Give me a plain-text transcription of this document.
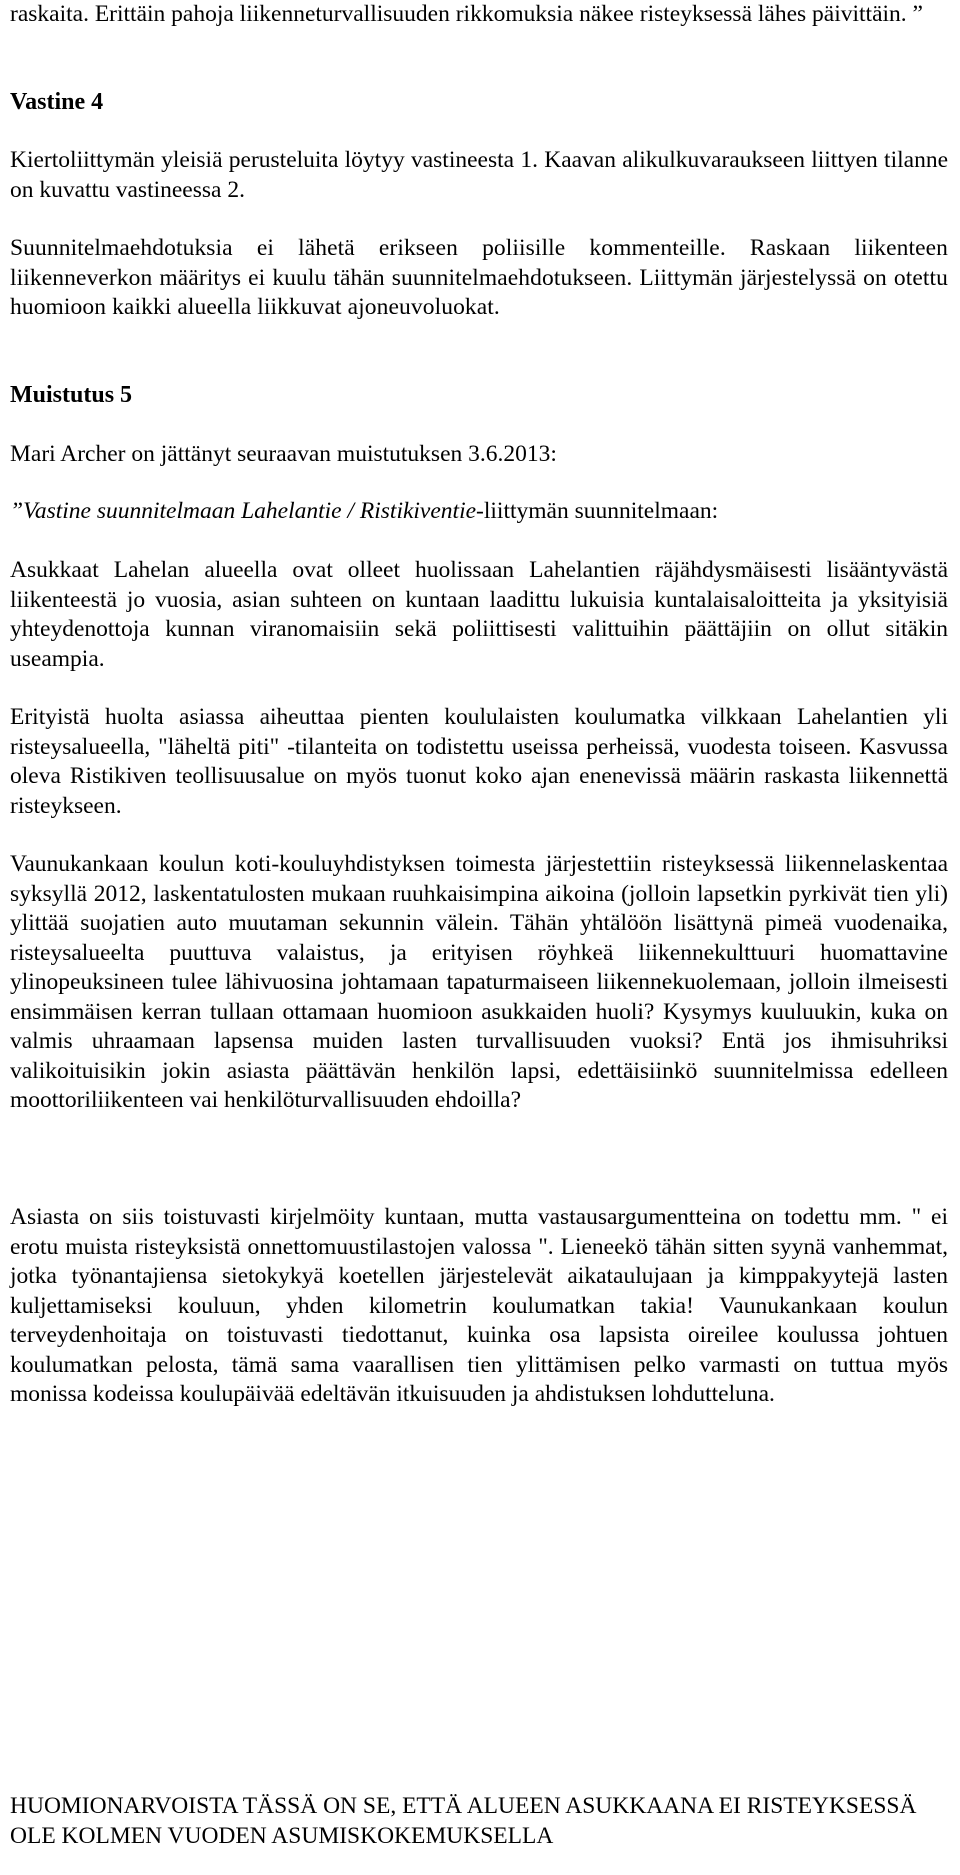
raskaita. Erittäin pahoja liikenneturvallisuuden rikkomuksia näkee risteyksessä lähes päivittäin. ”

Vastine 4

Kiertoliittymän yleisiä perusteluita löytyy vastineesta 1. Kaavan alikulkuvaraukseen liittyen tilanne on kuvattu vastineessa 2.

Suunnitelmaehdotuksia ei lähetä erikseen poliisille kommenteille. Raskaan liikenteen liikenneverkon määritys ei kuulu tähän suunnitelmaehdotukseen. Liittymän järjestelyssä on otettu huomioon kaikki alueella liikkuvat ajoneuvoluokat.

Muistutus 5

Mari Archer on jättänyt seuraavan muistutuksen 3.6.2013:

”Vastine suunnitelmaan Lahelantie / Ristikiventie-liittymän suunnitelmaan:

Asukkaat Lahelan alueella ovat olleet huolissaan Lahelantien räjähdysmäisesti lisääntyvästä liikenteestä jo vuosia, asian suhteen on kuntaan laadittu lukuisia kuntalaisaloitteita ja yksityisiä yhteydenottoja kunnan viranomaisiin sekä poliittisesti valittuihin päättäjiin on ollut sitäkin useampia.

Erityistä huolta asiassa aiheuttaa pienten koululaisten koulumatka vilkkaan Lahelantien yli risteysalueella, "läheltä piti" -tilanteita on todistettu useissa perheissä, vuodesta toiseen. Kasvussa oleva Ristikiven teollisuusalue on myös tuonut koko ajan enenevissä määrin raskasta liikennettä risteykseen.

Vaunukankaan koulun koti-kouluyhdistyksen toimesta järjestettiin risteyksessä liikennelaskentaa syksyllä 2012, laskentatulosten mukaan ruuhkaisimpina aikoina (jolloin lapsetkin pyrkivät tien yli) ylittää suojatien auto muutaman sekunnin välein. Tähän yhtälöön lisättynä pimeä vuodenaika, risteysalueelta puuttuva valaistus, ja erityisen röyhkeä liikennekulttuuri huomattavine ylinopeuksineen tulee lähivuosina johtamaan tapaturmaiseen liikennekuolemaan, jolloin ilmeisesti ensimmäisen kerran tullaan ottamaan huomioon asukkaiden huoli? Kysymys kuuluukin, kuka on valmis uhraamaan lapsensa muiden lasten turvallisuuden vuoksi? Entä jos ihmisuhriksi valikoituisikin jokin asiasta päättävän henkilön lapsi, edettäisiinkö suunnitelmissa edelleen moottoriliikenteen vai henkilöturvallisuuden ehdoilla?

Asiasta on siis toistuvasti kirjelmöity kuntaan, mutta vastausargumentteina on todettu mm. " ei erotu muista risteyksistä onnettomuustilastojen valossa ". Lieneekö tähän sitten syynä vanhemmat, jotka työnantajiensa sietokykyä koetellen järjestelevät aikataulujaan ja kimppakyytejä lasten kuljettamiseksi kouluun, yhden kilometrin koulumatkan takia! Vaunukankaan koulun terveydenhoitaja on toistuvasti tiedottanut, kuinka osa lapsista oireilee koulussa johtuen koulumatkan pelosta, tämä sama vaarallisen tien ylittämisen pelko varmasti on tuttua myös monissa kodeissa koulupäivää edeltävän itkuisuuden ja ahdistuksen lohdutteluna.

HUOMIONARVOISTA TÄSSÄ ON SE, ETTÄ ALUEEN ASUKKAANA EI RISTEYKSESSÄ OLE KOLMEN VUODEN ASUMISKOKEMUKSELLA
